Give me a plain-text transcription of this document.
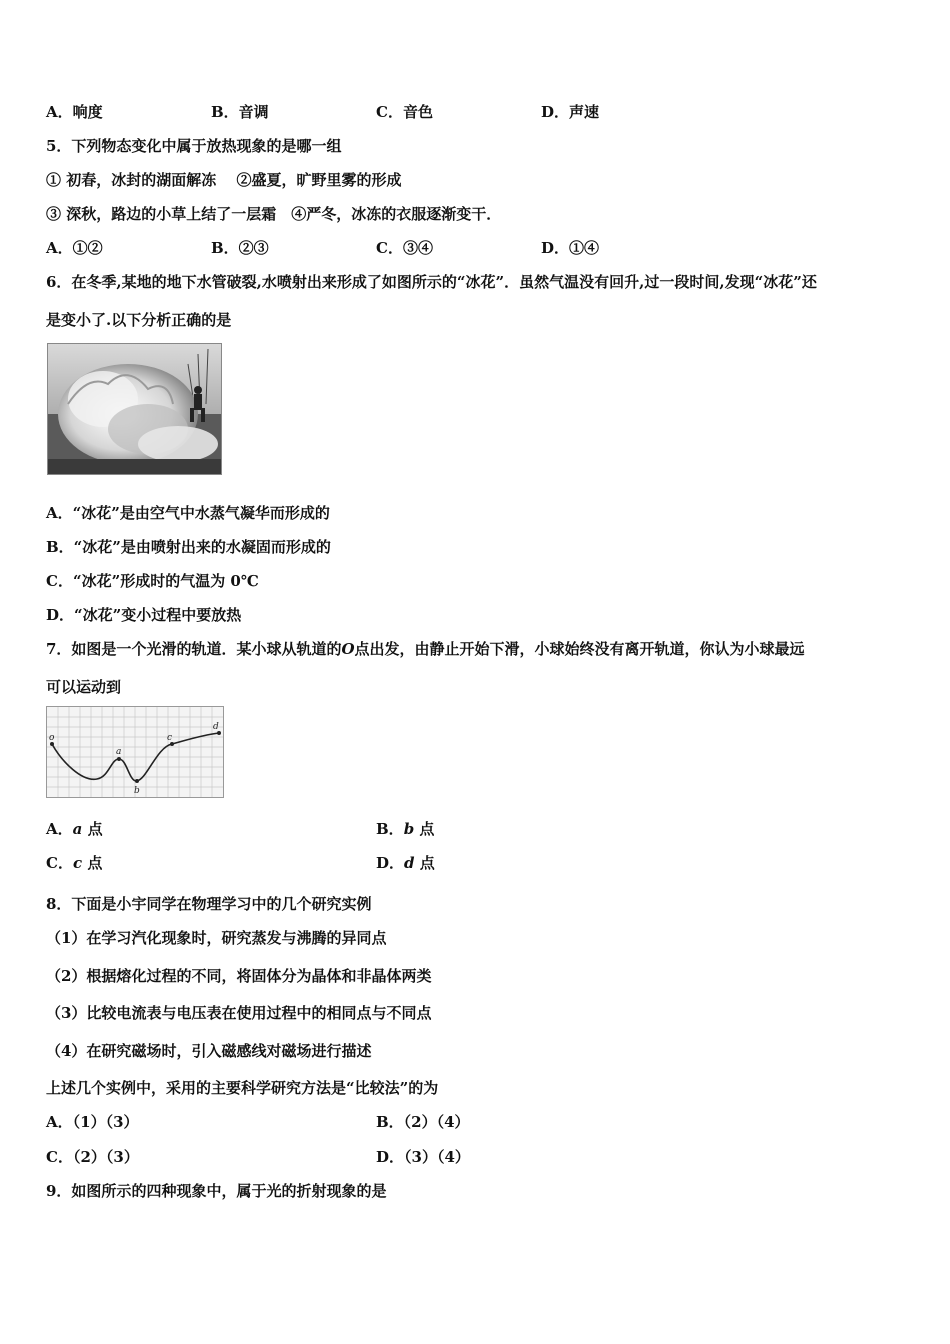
A．响度	B．音调	C．音色	D．声速
5．下列物态变化中属于放热现象的是哪一组
① 初春，冰封的湖面解冻　 ②盛夏，旷野里雾的形成
③ 深秋，路边的小草上结了一层霜　④严冬，冰冻的衣服逐渐变干．
A．①②	B．②③	C．③④	D．①④
6．在冬季,某地的地下水管破裂,水喷射出来形成了如图所示的“冰花”．虽然气温没有回升,过一段时间,发现“冰花”还
是变小了.以下分析正确的是
A．“冰花”是由空气中水蒸气凝华而形成的
B．“冰花”是由喷射出来的水凝固而形成的
C．“冰花”形成时的气温为 0℃
D．“冰花”变小过程中要放热
7．如图是一个光滑的轨道．某小球从轨道的O点出发，由静止开始下滑，小球始终没有离开轨道，你认为小球最远
可以运动到
o
a
b
c
d
A．a 点	B．b 点
C．c 点	D．d 点
8．下面是小宇同学在物理学习中的几个研究实例
（1）在学习汽化现象时，研究蒸发与沸腾的异同点
（2）根据熔化过程的不同，将固体分为晶体和非晶体两类
（3）比较电流表与电压表在使用过程中的相同点与不同点
（4）在研究磁场时，引入磁感线对磁场进行描述
上述几个实例中，采用的主要科学研究方法是“比较法”的为
A．（1）（3）	B．（2）（4）
C．（2）（3）	D．（3）（4）
9．如图所示的四种现象中，属于光的折射现象的是
